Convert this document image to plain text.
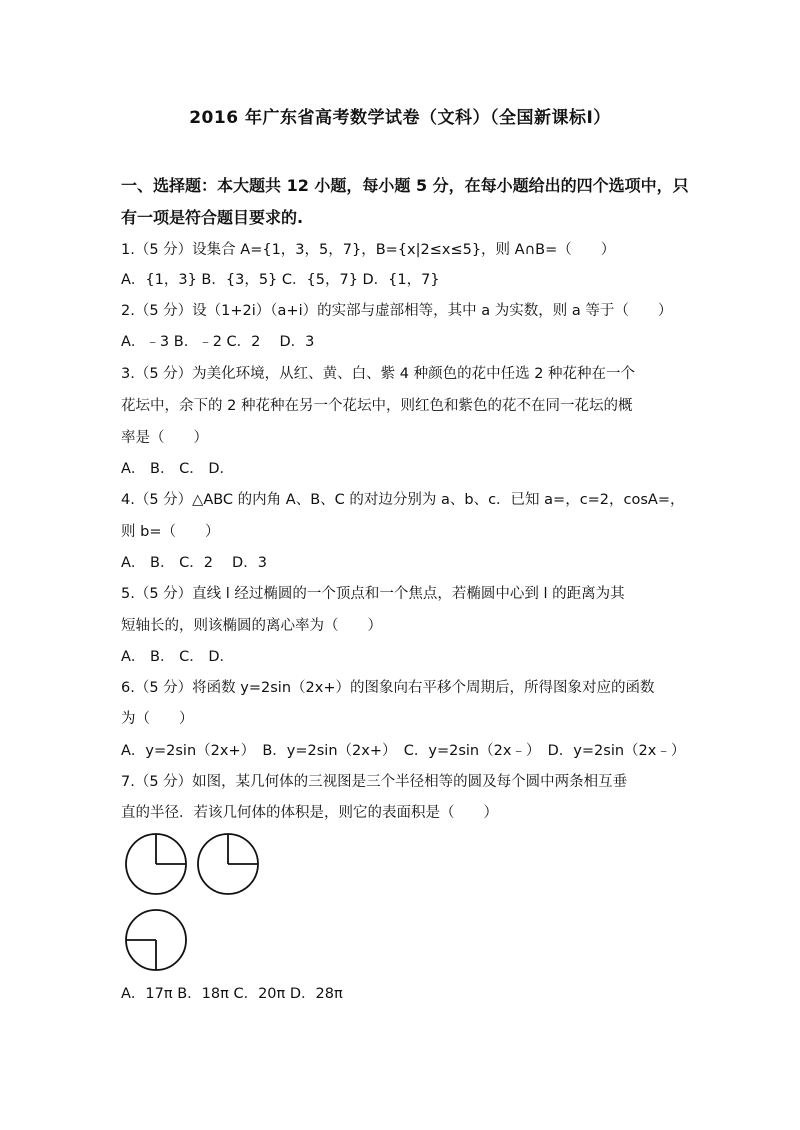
2016 年广东省高考数学试卷（文科）（全国新课标Ⅰ）
一、选择题：本大题共 12 小题，每小题 5 分，在每小题给出的四个选项中，只
有一项是符合题目要求的.
1.（5 分）设集合 A={1，3，5，7}，B={x|2≤x≤5}，则 A∩B=（　　）
A．{1，3} B．{3，5} C．{5，7} D．{1，7}
2.（5 分）设（1+2i）（a+i）的实部与虚部相等，其中 a 为实数，则 a 等于（　　）
A．﹣3 B．﹣2 C．2　 D．3
3.（5 分）为美化环境，从红、黄、白、紫 4 种颜色的花中任选 2 种花种在一个
花坛中，余下的 2 种花种在另一个花坛中，则红色和紫色的花不在同一花坛的概
率是（　　）
A． B． C． D．
4.（5 分）△ABC 的内角 A、B、C 的对边分别为 a、b、c．已知 a=，c=2，cosA=，
则 b=（　　）
A． B． C．2　 D．3
5.（5 分）直线 l 经过椭圆的一个顶点和一个焦点，若椭圆中心到 l 的距离为其
短轴长的，则该椭圆的离心率为（　　）
A． B． C． D．
6.（5 分）将函数 y=2sin（2x+）的图象向右平移个周期后，所得图象对应的函数
为（　　）
A．y=2sin（2x+）　B．y=2sin（2x+）　C．y=2sin（2x﹣）　D．y=2sin（2x﹣）
7.（5 分）如图，某几何体的三视图是三个半径相等的圆及每个圆中两条相互垂
直的半径．若该几何体的体积是，则它的表面积是（　　）
A．17π B．18π C．20π D．28π
